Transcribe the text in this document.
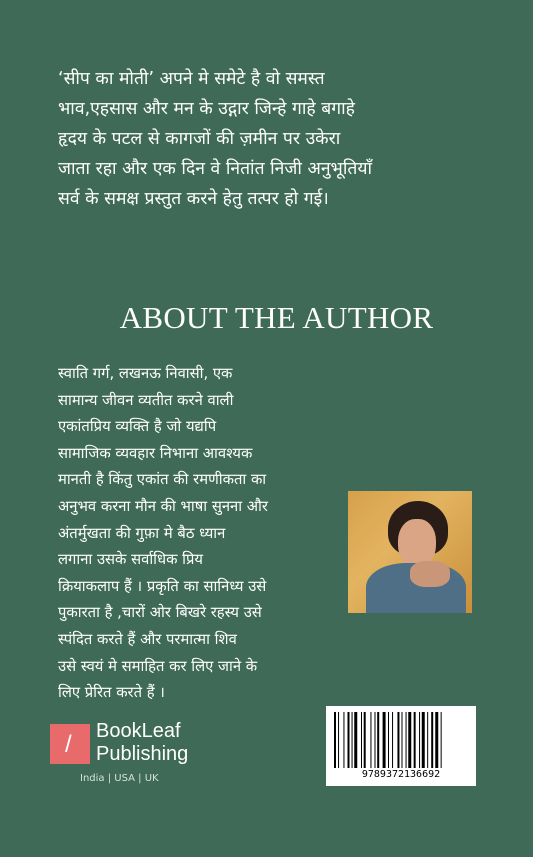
‘सीप का मोती’ अपने मे समेटे है वो समस्त
भाव,एहसास और मन के उद्गार जिन्हे गाहे बगाहे
हृदय के पटल से कागजों की ज़मीन पर उकेरा
जाता रहा और एक दिन वे नितांत निजी अनुभूतियाँ
सर्व के समक्ष प्रस्तुत करने हेतु तत्पर हो गई।
ABOUT THE AUTHOR
स्वाति गर्ग, लखनऊ निवासी, एक
सामान्य जीवन व्यतीत करने वाली
एकांतप्रिय व्यक्ति है जो यद्यपि
सामाजिक व्यवहार निभाना आवश्यक
मानती है किंतु एकांत की रमणीकता का
अनुभव करना मौन की भाषा सुनना और
अंतर्मुखता की गुफ़ा मे बैठ ध्यान
लगाना उसके सर्वाधिक प्रिय
क्रियाकलाप हैं । प्रकृति का सानिध्य उसे
पुकारता है ,चारों ओर बिखरे रहस्य उसे
स्पंदित करते हैं और परमात्मा शिव
उसे स्वयं मे समाहित कर लिए जाने के
लिए प्रेरित करते हैं ।
/ BookLeaf
Publishing
India | USA | UK	9789372136692
